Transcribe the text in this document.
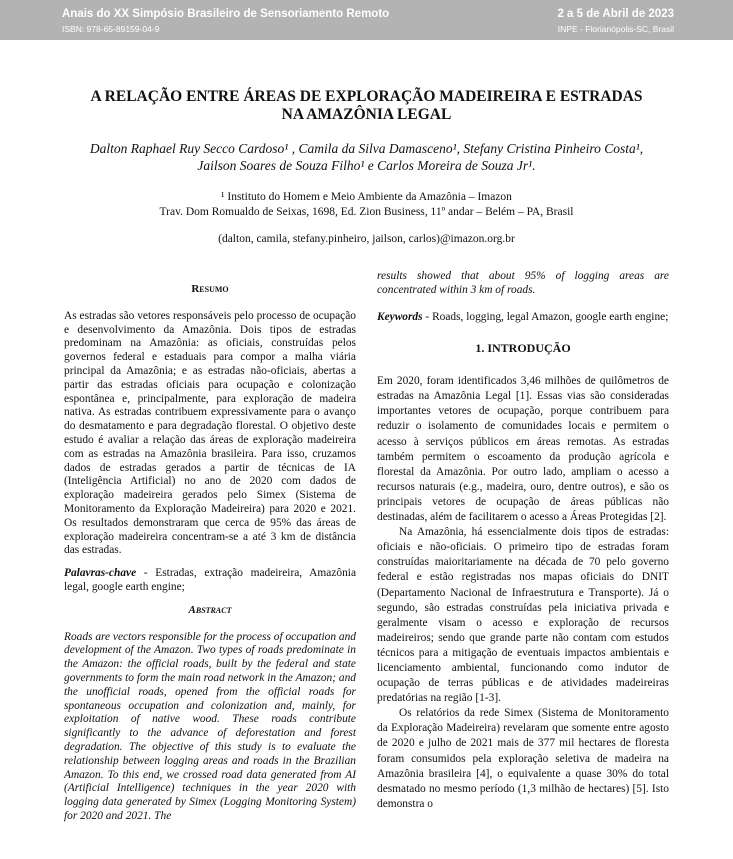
Anais do XX Simpósio Brasileiro de Sensoriamento Remoto
ISBN: 978-65-89159-04-9
2 a 5 de Abril de 2023
INPE - Florianópolis-SC, Brasil
A RELAÇÃO ENTRE ÁREAS DE EXPLORAÇÃO MADEIREIRA E ESTRADAS
NA AMAZÔNIA LEGAL
Dalton Raphael Ruy Secco Cardoso¹ , Camila da Silva Damasceno¹, Stefany Cristina Pinheiro Costa¹,
Jailson Soares de Souza Filho¹ e Carlos Moreira de Souza Jr¹.
¹ Instituto do Homem e Meio Ambiente da Amazônia – Imazon
Trav. Dom Romualdo de Seixas, 1698, Ed. Zion Business, 11º andar – Belém – PA, Brasil
(dalton, camila, stefany.pinheiro, jailson, carlos)@imazon.org.br
Resumo

As estradas são vetores responsáveis pelo processo de ocupação e desenvolvimento da Amazônia. Dois tipos de estradas predominam na Amazônia: as oficiais, construídas pelos governos federal e estaduais para compor a malha viária principal da Amazônia; e as estradas não-oficiais, abertas a partir das estradas oficiais para ocupação e colonização espontânea e, principalmente, para exploração de madeira nativa. As estradas contribuem expressivamente para o avanço do desmatamento e para degradação florestal. O objetivo deste estudo é avaliar a relação das áreas de exploração madeireira com as estradas na Amazônia brasileira. Para isso, cruzamos dados de estradas gerados a partir de técnicas de IA (Inteligência Artificial) no ano de 2020 com dados de exploração madeireira gerados pelo Simex (Sistema de Monitoramento da Exploração Madeireira) para 2020 e 2021. Os resultados demonstraram que cerca de 95% das áreas de exploração madeireira concentram-se a até 3 km de distância das estradas.

Palavras-chave - Estradas, extração madeireira, Amazônia legal, google earth engine;

Abstract

Roads are vectors responsible for the process of occupation and development of the Amazon. Two types of roads predominate in the Amazon: the official roads, built by the federal and state governments to form the main road network in the Amazon; and the unofficial roads, opened from the official roads for spontaneous occupation and colonization and, mainly, for exploitation of native wood. These roads contribute significantly to the advance of deforestation and forest degradation. The objective of this study is to evaluate the relationship between logging areas and roads in the Brazilian Amazon. To this end, we crossed road data generated from AI (Artificial Intelligence) techniques in the year 2020 with logging data generated by Simex (Logging Monitoring System) for 2020 and 2021. The

results showed that about 95% of logging areas are concentrated within 3 km of roads.

Keywords - Roads, logging, legal Amazon, google earth engine;

1. INTRODUÇÃO

Em 2020, foram identificados 3,46 milhões de quilômetros de estradas na Amazônia Legal [1]. Essas vias são consideradas importantes vetores de ocupação, porque contribuem para reduzir o isolamento de comunidades locais e permitem o acesso à serviços públicos em áreas remotas. As estradas também permitem o escoamento da produção agrícola e florestal da Amazônia. Por outro lado, ampliam o acesso a recursos naturais (e.g., madeira, ouro, dentre outros), e são os principais vetores de ocupação de áreas públicas não destinadas, além de facilitarem o acesso a Áreas Protegidas [2].

Na Amazônia, há essencialmente dois tipos de estradas: oficiais e não-oficiais. O primeiro tipo de estradas foram construídas maioritariamente na década de 70 pelo governo federal e estão registradas nos mapas oficiais do DNIT (Departamento Nacional de Infraestrutura e Transporte). Já o segundo, são estradas construídas pela iniciativa privada e geralmente visam o acesso e exploração de recursos madeireiros; sendo que grande parte não contam com estudos técnicos para a mitigação de eventuais impactos ambientais e licenciamento ambiental, funcionando como indutor de ocupação de terras públicas e de atividades madeireiras predatórias na região [1-3].

Os relatórios da rede Simex (Sistema de Monitoramento da Exploração Madeireira) revelaram que somente entre agosto de 2020 e julho de 2021 mais de 377 mil hectares de floresta foram consumidos pela exploração seletiva de madeira na Amazônia brasileira [4], o equivalente a quase 30% do total desmatado no mesmo período (1,3 milhão de hectares) [5]. Isto demonstra o
